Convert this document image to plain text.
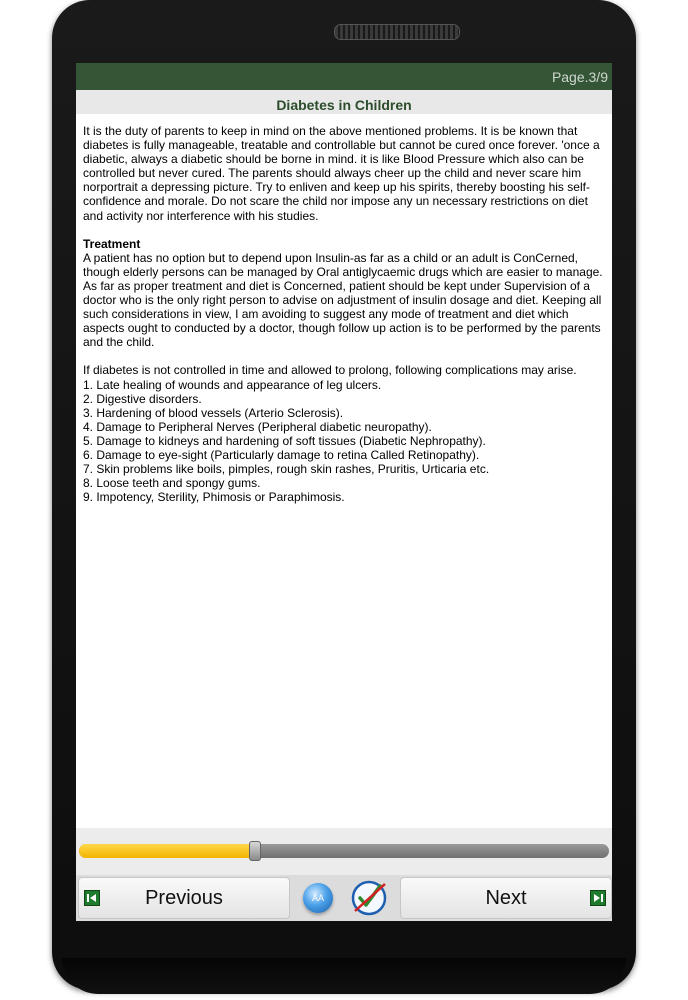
Page.3/9
Diabetes in Children

It is the duty of parents to keep in mind on the above mentioned problems. It is be known that diabetes is fully manageable, treatable and controllable but cannot be cured once forever. 'once a diabetic, always a diabetic should be borne in mind. it is like Blood Pressure which also can be controlled but never cured. The parents should always cheer up the child and never scare him norportrait a depressing picture. Try to enliven and keep up his spirits, thereby boosting his self-confidence and morale. Do not scare the child nor impose any un necessary restrictions on diet and activity nor interference with his studies.

Treatment

A patient has no option but to depend upon Insulin-as far as a child or an adult is ConCerned, though elderly persons can be managed by Oral antiglycaemic drugs which are easier to manage. As far as proper treatment and diet is Concerned, patient should be kept under Supervision of a doctor who is the only right person to advise on adjustment of insulin dosage and diet. Keeping all such considerations in view, I am avoiding to suggest any mode of treatment and diet which aspects ought to conducted by a doctor, though follow up action is to be performed by the parents and the child.

If diabetes is not controlled in time and allowed to prolong, following complications may arise.

1. Late healing of wounds and appearance of leg ulcers.

2. Digestive disorders.

3. Hardening of blood vessels (Arterio Sclerosis).

4. Damage to Peripheral Nerves (Peripheral diabetic neuropathy).

5. Damage to kidneys and hardening of soft tissues (Diabetic Nephropathy).

6. Damage to eye-sight (Particularly damage to retina Called Retinopathy).

7. Skin problems like boils, pimples, rough skin rashes, Pruritis, Urticaria etc.

8. Loose teeth and spongy gums.

9. Impotency, Sterility, Phimosis or Paraphimosis.

Previous	AA	Next
